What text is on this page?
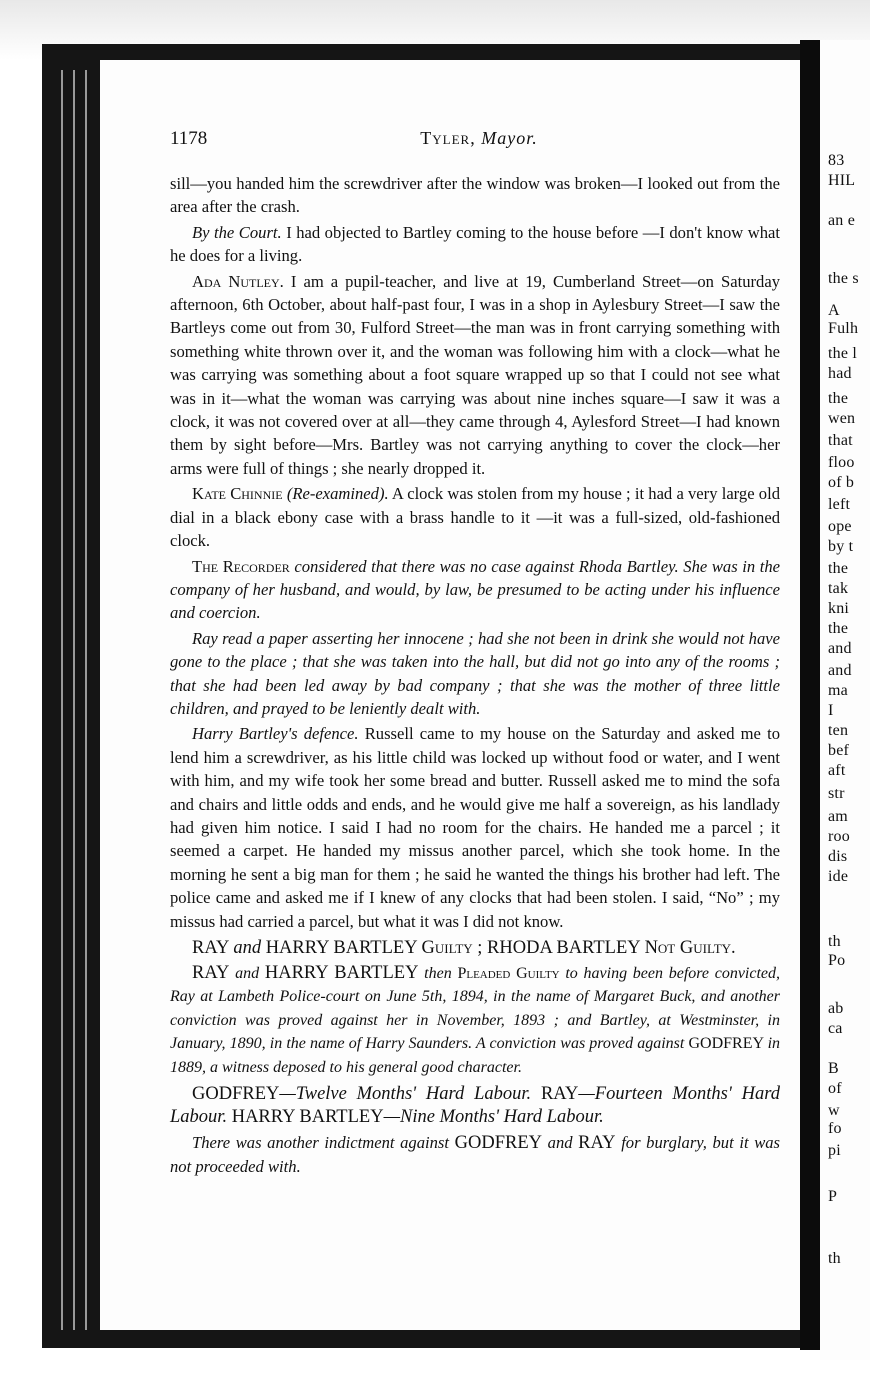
83
HIL
an e
the s
A
Fulh
the l
had
the
wen
that
floo
of b
left
ope
by t
the
tak
kni
the
and
and
ma
I
ten
bef
aft
str
am
roo
dis
ide
th
Po
ab
ca
B
of
w
fo
pi
P
th
1178	Tyler, Mayor.

sill—you handed him the screwdriver after the window was broken—I looked out from the area after the crash.

By the Court. I had objected to Bartley coming to the house before —I don't know what he does for a living.

Ada Nutley. I am a pupil-teacher, and live at 19, Cumberland Street—on Saturday afternoon, 6th October, about half-past four, I was in a shop in Aylesbury Street—I saw the Bartleys come out from 30, Fulford Street—the man was in front carrying something with something white thrown over it, and the woman was following him with a clock—what he was carrying was something about a foot square wrapped up so that I could not see what was in it—what the woman was carrying was about nine inches square—I saw it was a clock, it was not covered over at all—they came through 4, Aylesford Street—I had known them by sight before—Mrs. Bartley was not carrying anything to cover the clock—her arms were full of things ; she nearly dropped it.

Kate Chinnie (Re-examined). A clock was stolen from my house ; it had a very large old dial in a black ebony case with a brass handle to it —it was a full-sized, old-fashioned clock.

The Recorder considered that there was no case against Rhoda Bartley. She was in the company of her husband, and would, by law, be presumed to be acting under his influence and coercion.

Ray read a paper asserting her innocene ; had she not been in drink she would not have gone to the place ; that she was taken into the hall, but did not go into any of the rooms ; that she had been led away by bad company ; that she was the mother of three little children, and prayed to be leniently dealt with.

Harry Bartley's defence. Russell came to my house on the Saturday and asked me to lend him a screwdriver, as his little child was locked up without food or water, and I went with him, and my wife took her some bread and butter. Russell asked me to mind the sofa and chairs and little odds and ends, and he would give me half a sovereign, as his landlady had given him notice. I said I had no room for the chairs. He handed me a parcel ; it seemed a carpet. He handed my missus another parcel, which she took home. In the morning he sent a big man for them ; he said he wanted the things his brother had left. The police came and asked me if I knew of any clocks that had been stolen. I said, “No” ; my missus had carried a parcel, but what it was I did not know.

RAY and HARRY BARTLEY Guilty ; RHODA BARTLEY Not Guilty.

RAY and HARRY BARTLEY then Pleaded Guilty to having been before convicted, Ray at Lambeth Police-court on June 5th, 1894, in the name of Margaret Buck, and another conviction was proved against her in November, 1893 ; and Bartley, at Westminster, in January, 1890, in the name of Harry Saunders. A conviction was proved against GODFREY in 1889, a witness deposed to his general good character.

GODFREY—Twelve Months' Hard Labour. RAY—Fourteen Months' Hard Labour. HARRY BARTLEY—Nine Months' Hard Labour.

There was another indictment against GODFREY and RAY for burglary, but it was not proceeded with.
